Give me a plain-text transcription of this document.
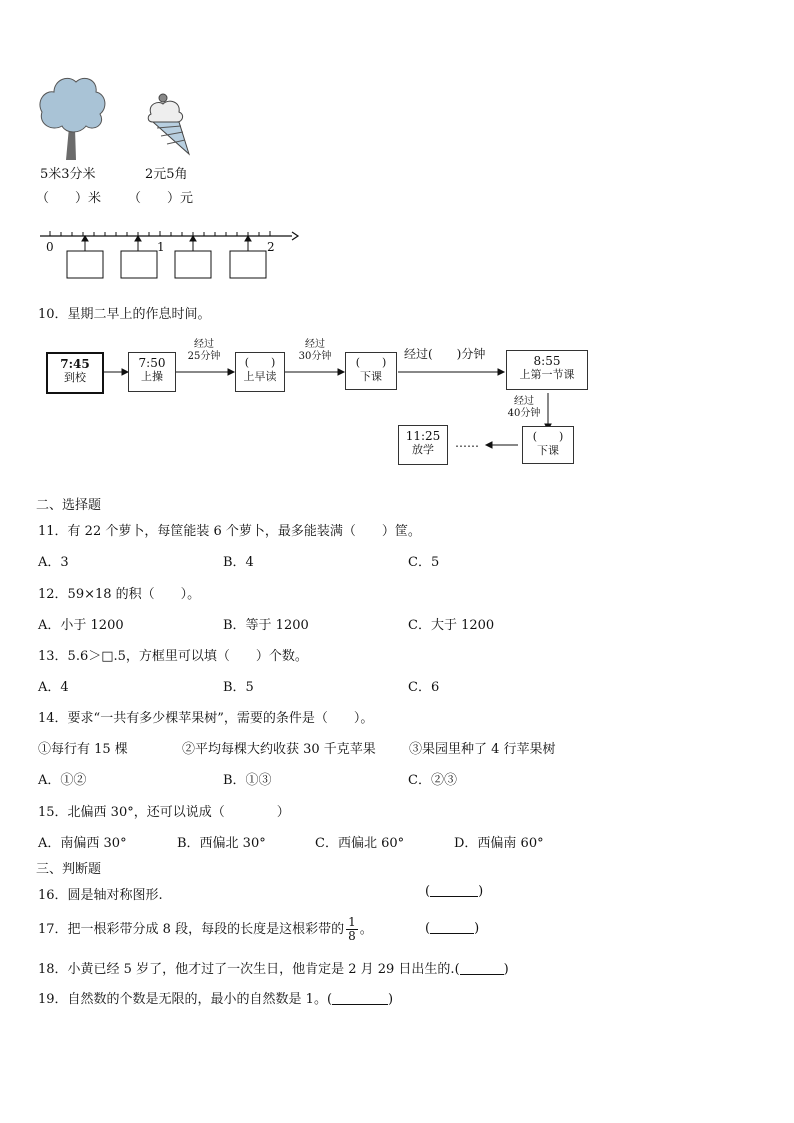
5米3分米	2元5角
（　　）米 （　　）元
0	1	2
10．星期二早上的作息时间。
7:45
到校
7:50
上操
经过
25分钟	(　　)
上早读
经过
30分钟	(　　)
下课
经过(　　)分钟	8:55
上第一节课
经过
40分钟
(　　)
下课
……
11:25
放学
二、选择题
11．有 22 个萝卜，每筐能装 6 个萝卜，最多能装满（　　）筐。
A．3	B．4	C．5
12．59×18 的积（　　）。
A．小于 1200	B．等于 1200	C．大于 1200
13．5.6＞□.5，方框里可以填（　　）个数。
A．4	B．5	C．6
14．要求“一共有多少棵苹果树”，需要的条件是（　　）。
①每行有 15 棵	②平均每棵大约收获 30 千克苹果	③果园里种了 4 行苹果树
A．①②	B．①③	C．②③
15．北偏西 30°，还可以说成（　　　　）
A．南偏西 30°	B．西偏北 30°	C．西偏北 60°	D．西偏南 60°
三、判断题
16．圆是轴对称图形.	(	)
17．把一根彩带分成 8 段，每段的长度是这根彩带的 $\frac{1}{8}$ 。	(	)
18．小黄已经 5 岁了，他才过了一次生日，他肯定是 2 月 29 日出生的.(	)
19．自然数的个数是无限的，最小的自然数是 1。(	)
